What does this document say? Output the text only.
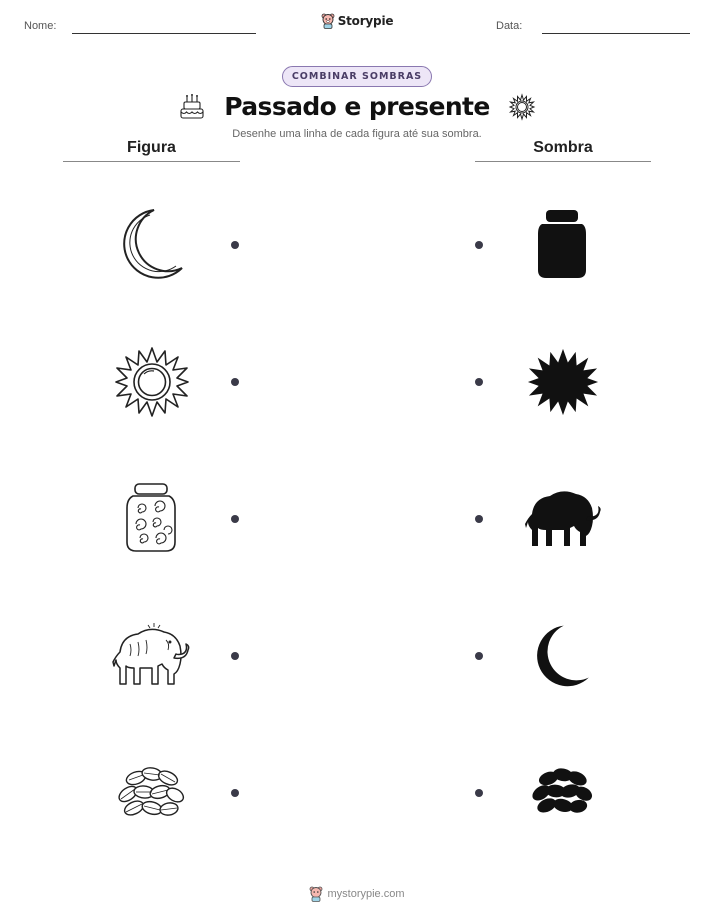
Nome:	Storypie	Data:
COMBINAR SOMBRAS
Passado e presente
Desenhe uma linha de cada figura até sua sombra.
Figura	Sombra
mystorypie.com
